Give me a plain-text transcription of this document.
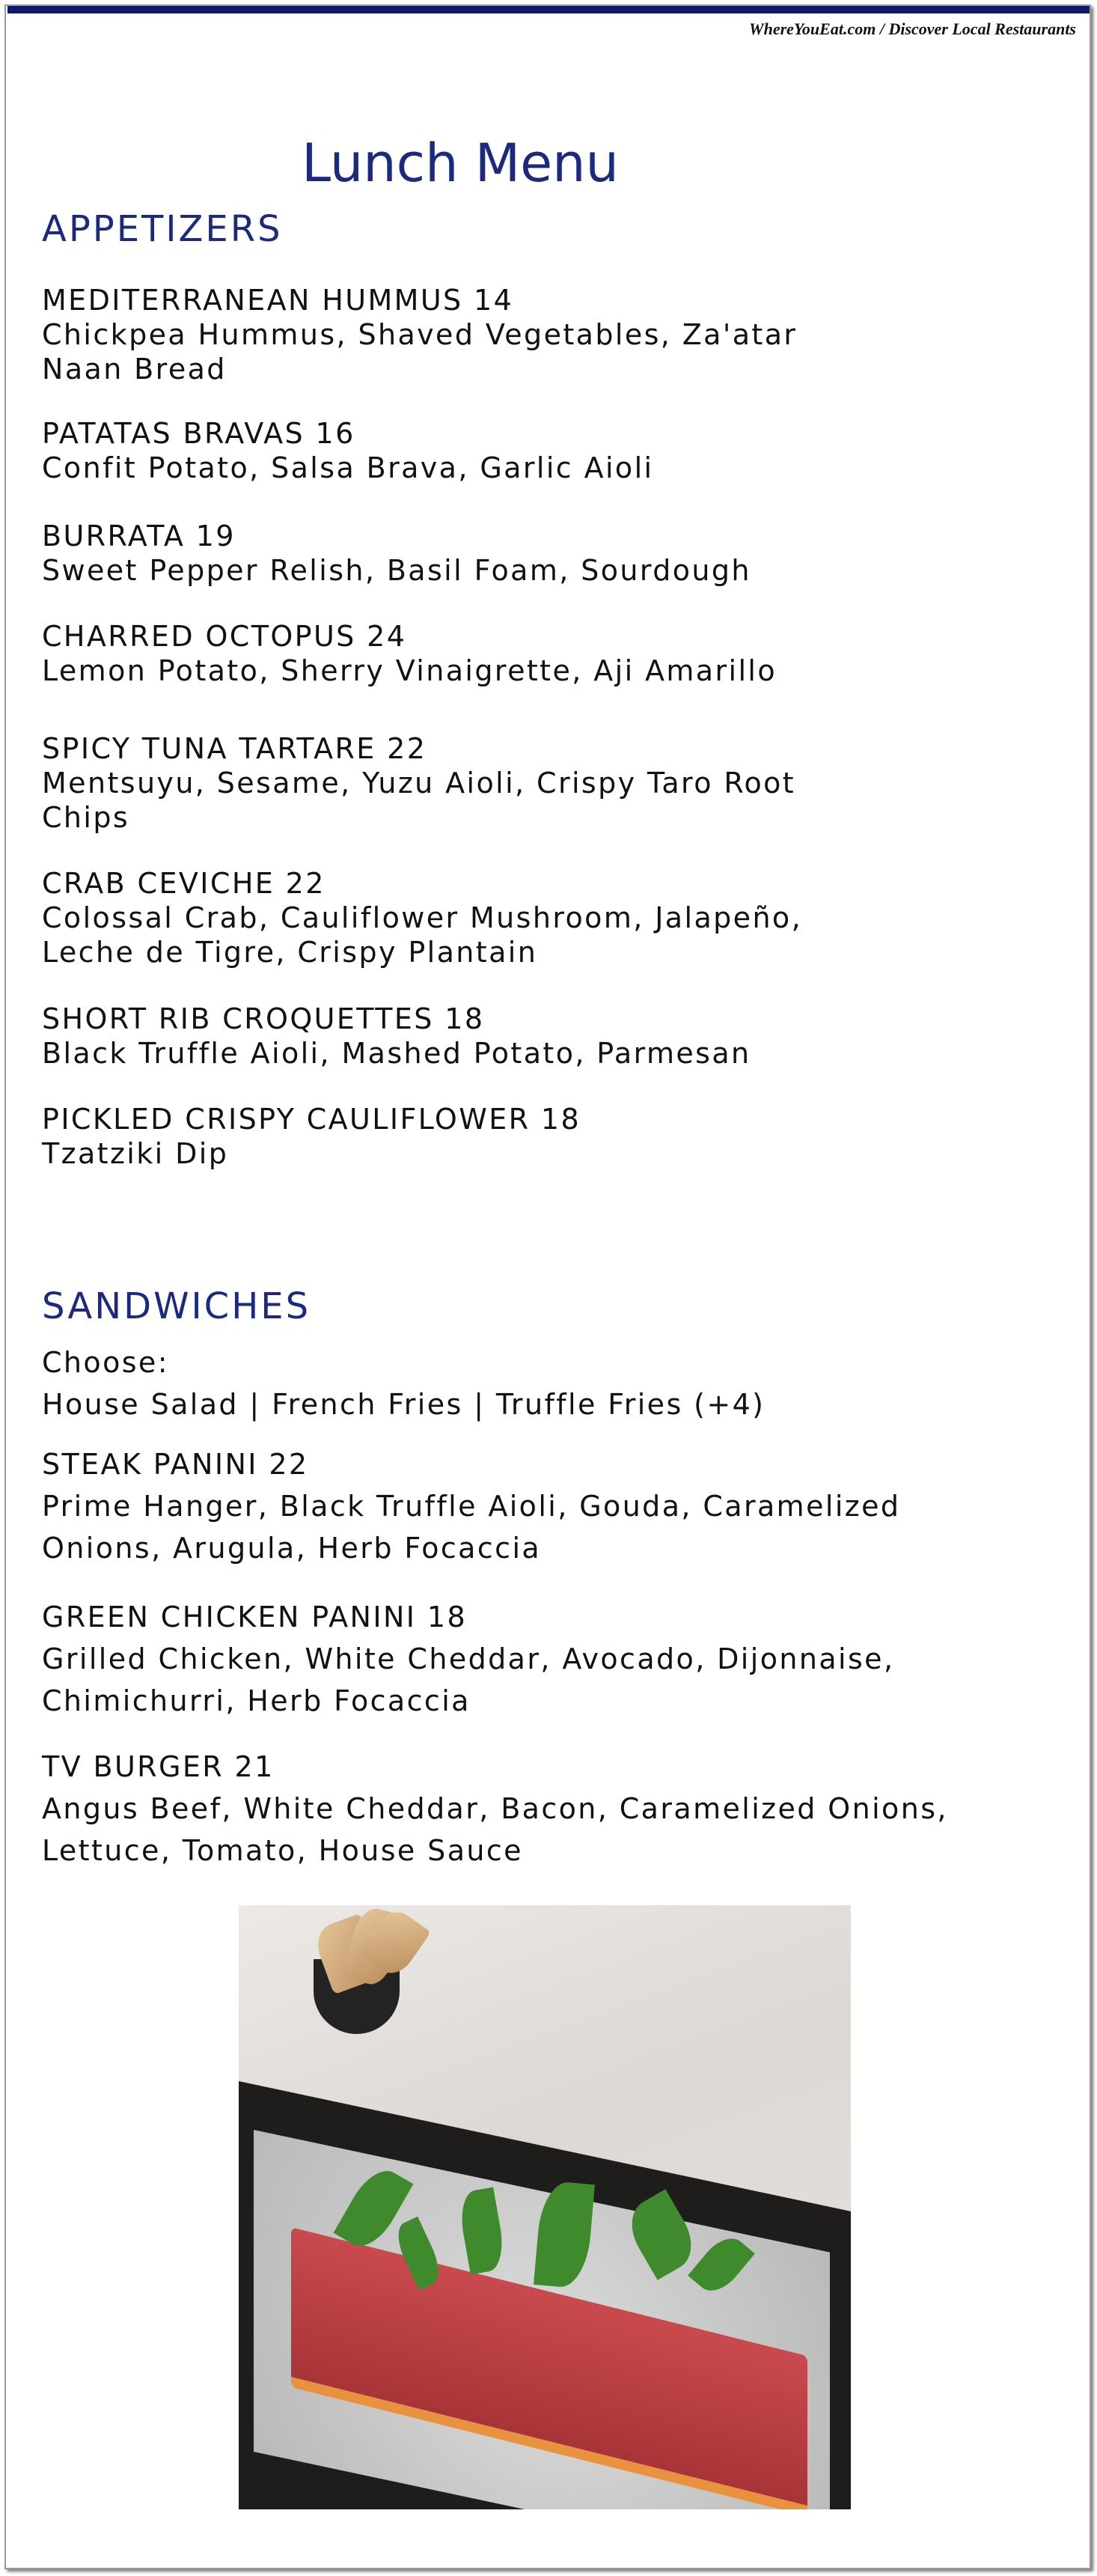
WhereYouEat.com / Discover Local Restaurants
Lunch Menu
APPETIZERS
MEDITERRANEAN HUMMUS 14
Chickpea Hummus, Shaved Vegetables, Za'atar
Naan Bread
PATATAS BRAVAS 16
Confit Potato, Salsa Brava, Garlic Aioli
BURRATA 19
Sweet Pepper Relish, Basil Foam, Sourdough
CHARRED OCTOPUS 24
Lemon Potato, Sherry Vinaigrette, Aji Amarillo
SPICY TUNA TARTARE 22
Mentsuyu, Sesame, Yuzu Aioli, Crispy Taro Root
Chips
CRAB CEVICHE 22
Colossal Crab, Cauliflower Mushroom, Jalapeño,
Leche de Tigre, Crispy Plantain
SHORT RIB CROQUETTES 18
Black Truffle Aioli, Mashed Potato, Parmesan
PICKLED CRISPY CAULIFLOWER 18
Tzatziki Dip
SANDWICHES
Choose:
House Salad | French Fries | Truffle Fries (+4)
STEAK PANINI 22
Prime Hanger, Black Truffle Aioli, Gouda, Caramelized
Onions, Arugula, Herb Focaccia
GREEN CHICKEN PANINI 18
Grilled Chicken, White Cheddar, Avocado, Dijonnaise,
Chimichurri, Herb Focaccia
TV BURGER 21
Angus Beef, White Cheddar, Bacon, Caramelized Onions,
Lettuce, Tomato, House Sauce
